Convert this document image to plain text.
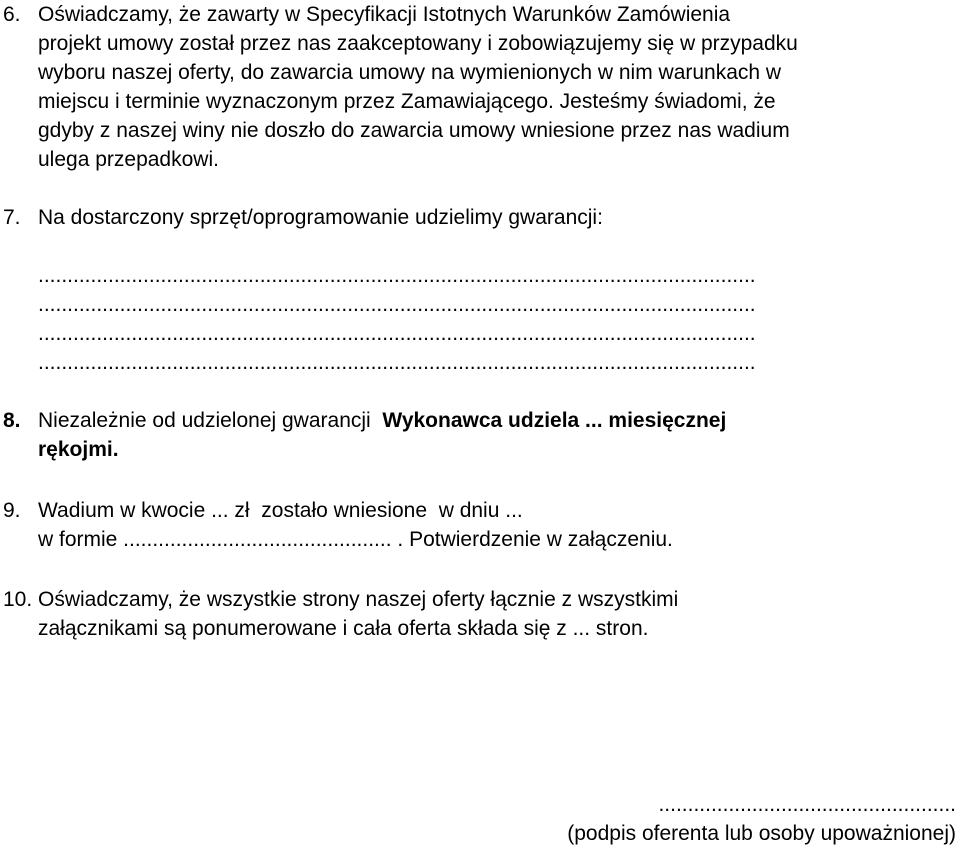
6. Oświadczamy, że zawarty w Specyfikacji Istotnych Warunków Zamówienia
projekt umowy został przez nas zaakceptowany i zobowiązujemy się w przypadku
wyboru naszej oferty, do zawarcia umowy na wymienionych w nim warunkach w
miejscu i terminie wyznaczonym przez Zamawiającego. Jesteśmy świadomi, że
gdyby z naszej winy nie doszło do zawarcia umowy wniesione przez nas wadium
ulega przepadkowi.
7. Na dostarczony sprzęt/oprogramowanie udzielimy gwarancji:
...........................................................................................................................
...........................................................................................................................
...........................................................................................................................
...........................................................................................................................
8. Niezależnie od udzielonej gwarancji Wykonawca udziela ... miesięcznej
rękojmi.
9. Wadium w kwocie ... zł  zostało wniesione  w dniu ...
w formie .............................................. . Potwierdzenie w załączeniu.
10. Oświadczamy, że wszystkie strony naszej oferty łącznie z wszystkimi
załącznikami są ponumerowane i cała oferta składa się z ... stron.
...................................................
(podpis oferenta lub osoby upoważnionej)
